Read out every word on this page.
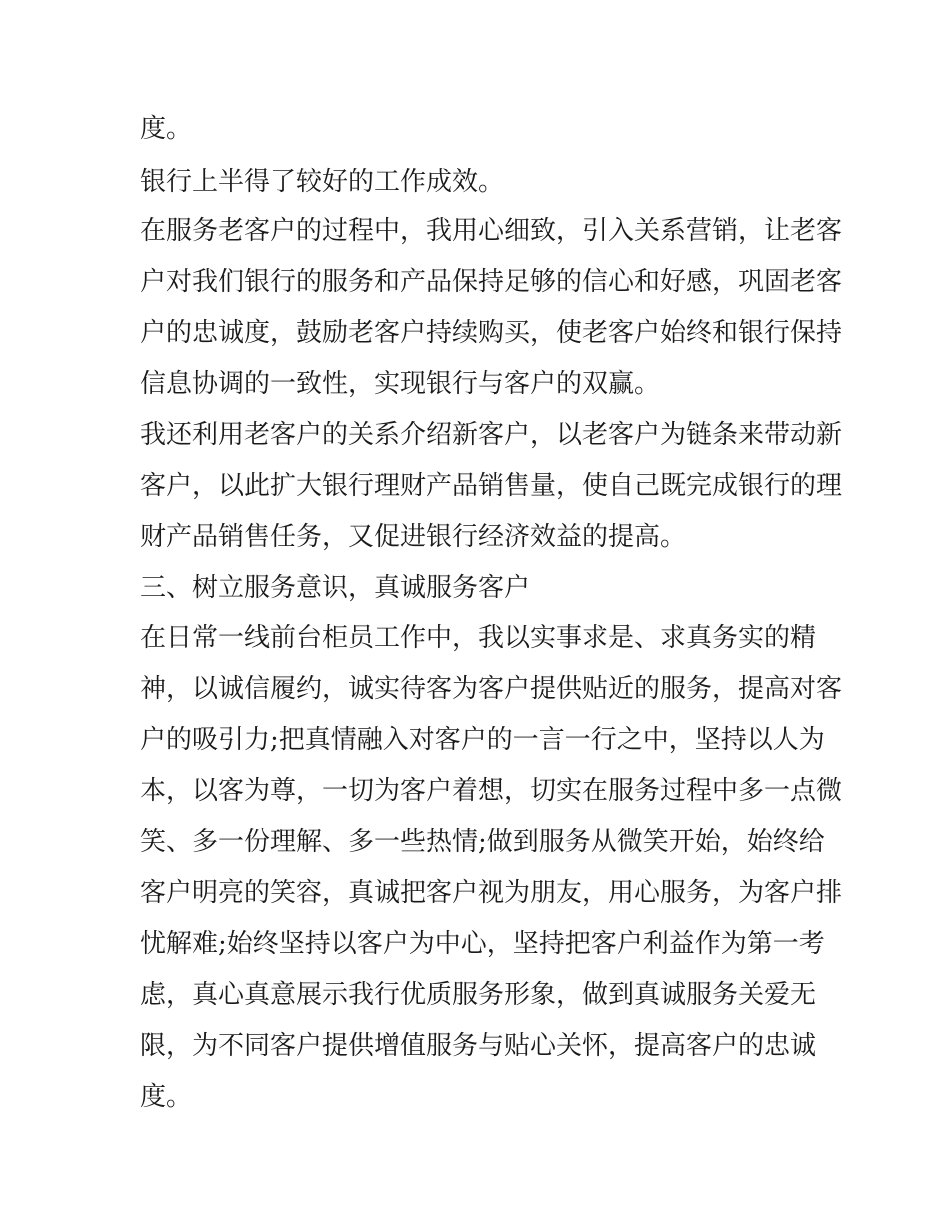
度。

银行上半得了较好的工作成效。

在服务老客户的过程中，我用心细致，引入关系营销，让老客

户对我们银行的服务和产品保持足够的信心和好感，巩固老客

户的忠诚度，鼓励老客户持续购买，使老客户始终和银行保持

信息协调的一致性，实现银行与客户的双赢。

我还利用老客户的关系介绍新客户，以老客户为链条来带动新

客户，以此扩大银行理财产品销售量，使自己既完成银行的理

财产品销售任务，又促进银行经济效益的提高。

三、树立服务意识，真诚服务客户

在日常一线前台柜员工作中，我以实事求是、求真务实的精

神，以诚信履约，诚实待客为客户提供贴近的服务，提高对客

户的吸引力;把真情融入对客户的一言一行之中，坚持以人为

本，以客为尊，一切为客户着想，切实在服务过程中多一点微

笑、多一份理解、多一些热情;做到服务从微笑开始，始终给

客户明亮的笑容，真诚把客户视为朋友，用心服务，为客户排

忧解难;始终坚持以客户为中心，坚持把客户利益作为第一考

虑，真心真意展示我行优质服务形象，做到真诚服务关爱无

限，为不同客户提供增值服务与贴心关怀，提高客户的忠诚

度。
